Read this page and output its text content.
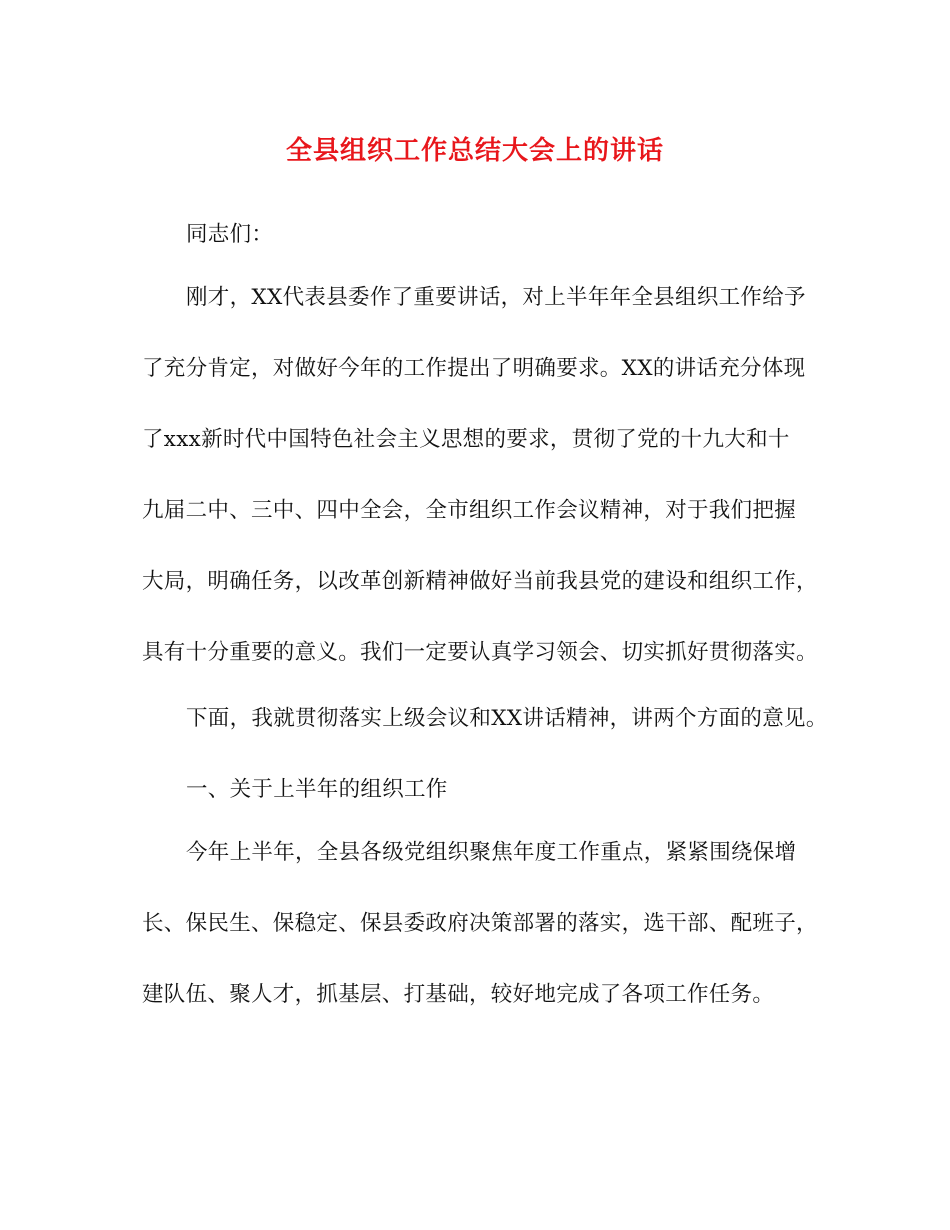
全县组织工作总结大会上的讲话
同志们：
刚才，XX代表县委作了重要讲话，对上半年年全县组织工作给予
了充分肯定，对做好今年的工作提出了明确要求。XX的讲话充分体现
了xxx新时代中国特色社会主义思想的要求，贯彻了党的十九大和十
九届二中、三中、四中全会，全市组织工作会议精神，对于我们把握
大局，明确任务，以改革创新精神做好当前我县党的建设和组织工作，
具有十分重要的意义。我们一定要认真学习领会、切实抓好贯彻落实。
下面，我就贯彻落实上级会议和XX讲话精神，讲两个方面的意见。
一、关于上半年的组织工作
今年上半年，全县各级党组织聚焦年度工作重点，紧紧围绕保增
长、保民生、保稳定、保县委政府决策部署的落实，选干部、配班子，
建队伍、聚人才，抓基层、打基础，较好地完成了各项工作任务。
